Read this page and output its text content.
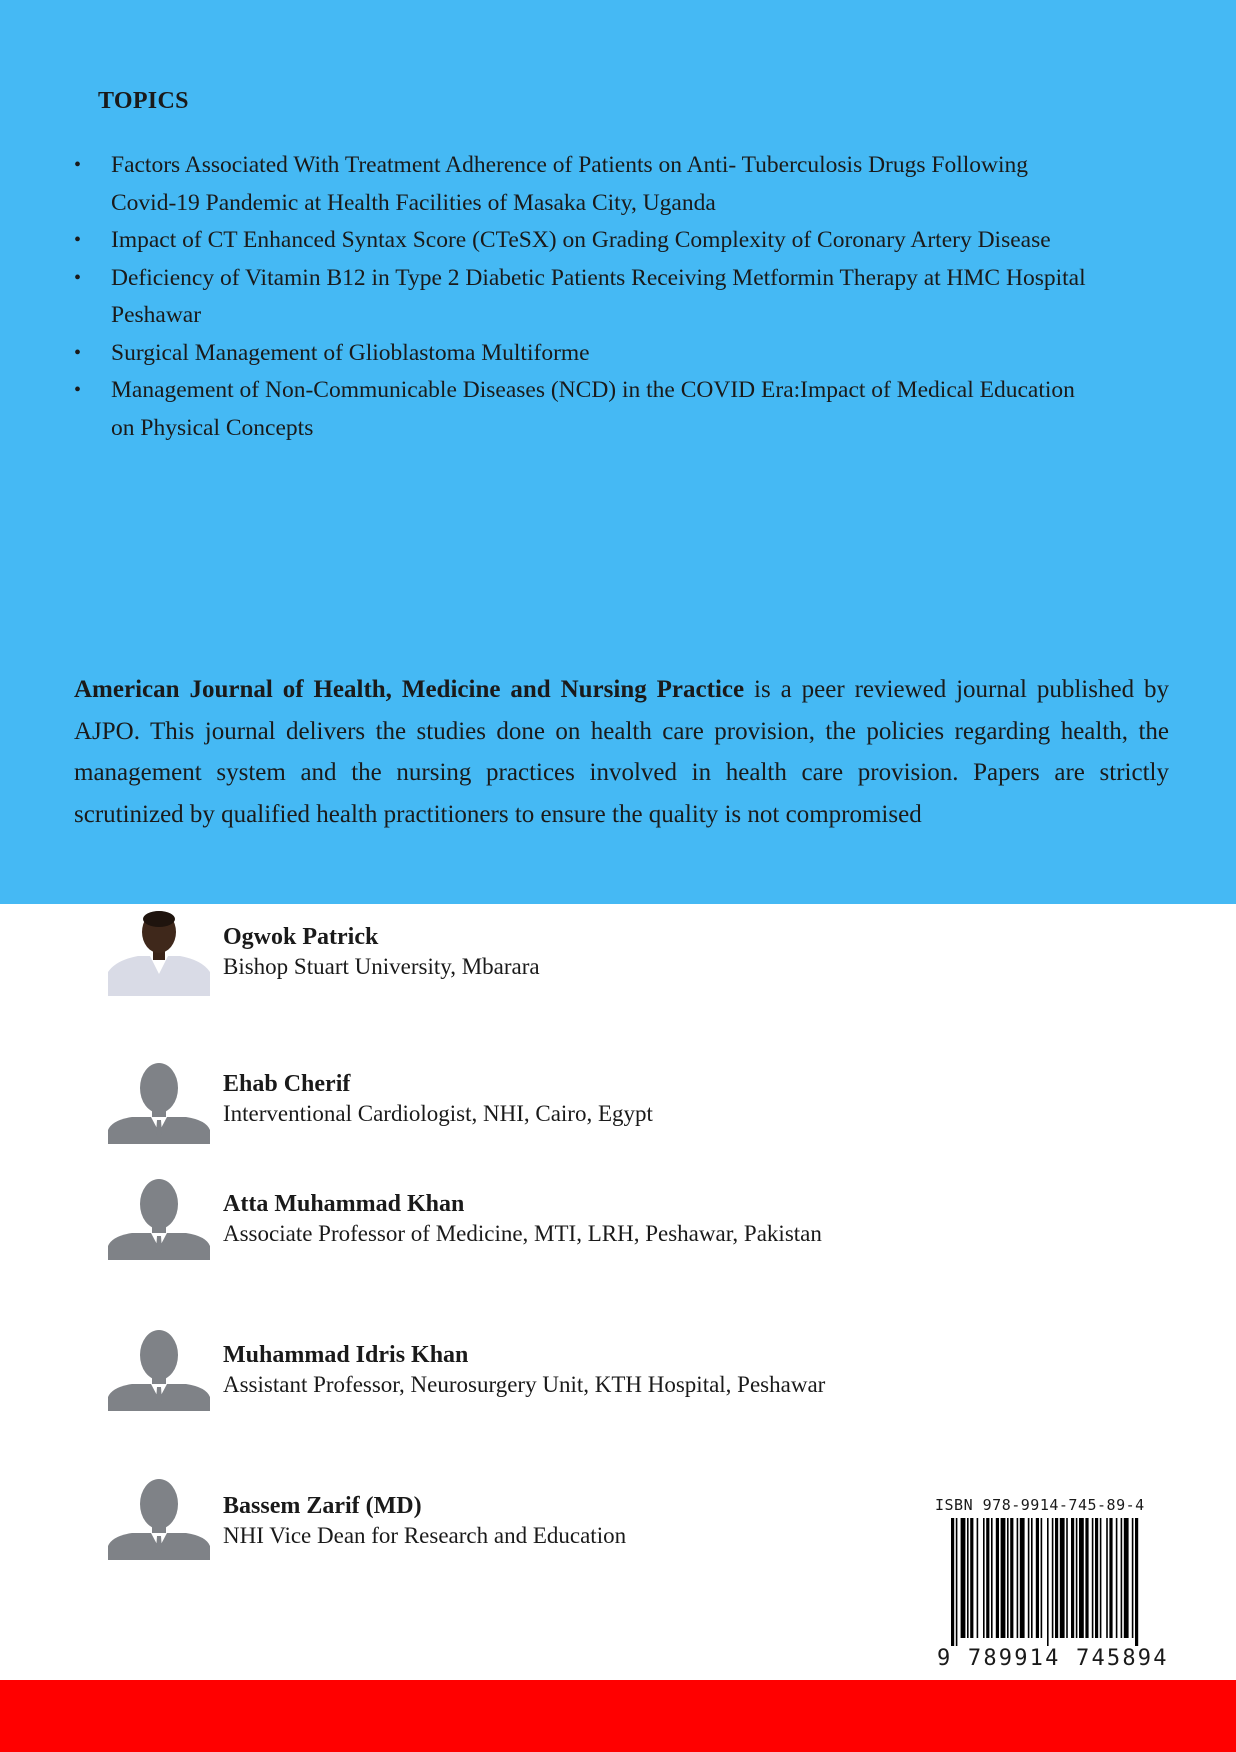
TOPICS
• Factors Associated With Treatment Adherence of Patients on Anti- Tuberculosis Drugs Following
Covid-19 Pandemic at Health Facilities of Masaka City, Uganda
• Impact of CT Enhanced Syntax Score (CTeSX) on Grading Complexity of Coronary Artery Disease
• Deficiency of Vitamin B12 in Type 2 Diabetic Patients Receiving Metformin Therapy at HMC Hospital
Peshawar
• Surgical Management of Glioblastoma Multiforme
• Management of Non-Communicable Diseases (NCD) in the COVID Era:Impact of Medical Education
on Physical Concepts
American Journal of Health, Medicine and Nursing Practice is a peer reviewed journal published by AJPO. This journal delivers the studies done on health care provision, the policies regarding health, the management system and the nursing practices involved in health care provision. Papers are strictly scrutinized by qualified health practitioners to ensure the quality is not compromised
Ogwok Patrick
Bishop Stuart University, Mbarara
Ehab Cherif
Interventional Cardiologist, NHI, Cairo, Egypt
Atta Muhammad Khan
Associate Professor of Medicine, MTI, LRH, Peshawar, Pakistan
Muhammad Idris Khan
Assistant Professor, Neurosurgery Unit, KTH Hospital, Peshawar
Bassem Zarif (MD)
NHI Vice Dean for Research and Education
ISBN 978-9914-745-89-4
9 789914 745894
